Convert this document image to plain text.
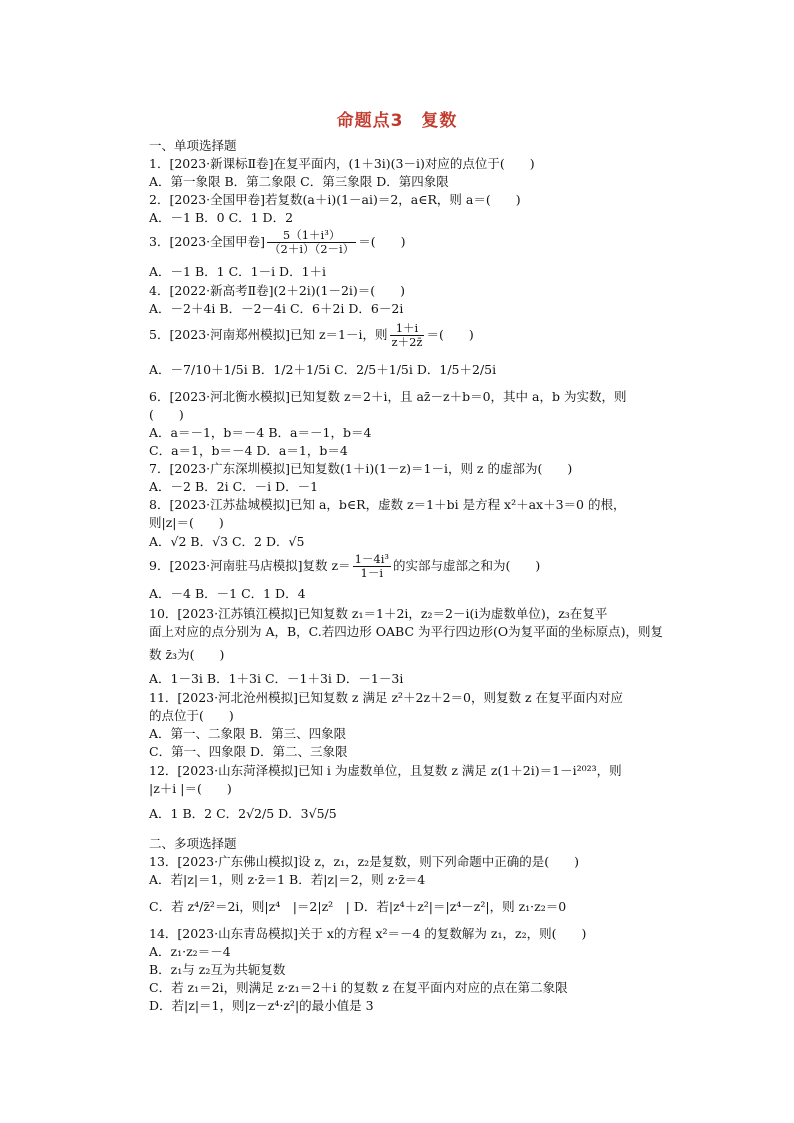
命题点3　复数
一、单项选择题
1．[2023·新课标Ⅱ卷]在复平面内，(1＋3i)(3－i)对应的点位于(　　)
A．第一象限 B．第二象限 C．第三象限 D．第四象限
2．[2023·全国甲卷]若复数(a＋i)(1－ai)＝2，a∈R，则 a＝(　　)
A．－1 B．0 C．1 D．2
3．[2023·全国甲卷] $\frac{\text{5（1＋i³）}}{(2+i)(2-i)}$ ＝(　　)
A．－1 B．1 C．1－i D．1＋i
4．[2022·新高考Ⅱ卷](2＋2i)(1－2i)＝(　　)
A．－2＋4i B．－2－4i C．6＋2i D．6－2i
5．[2023·河南郑州模拟]已知 z＝1－i，则 $\frac{1+i}{z+2z̄}$ ＝(　　)
A．－7/10＋1/5i B．1/2＋1/5i C．2/5＋1/5i D．1/5＋2/5i
6．[2023·河北衡水模拟]已知复数 z＝2＋i，且 az̄－z＋b＝0，其中 a，b 为实数，则
(　　)
A．a＝－1，b＝－4 B．a＝－1，b＝4
C．a＝1，b＝－4 D．a＝1，b＝4
7．[2023·广东深圳模拟]已知复数(1＋i)(1－z)＝1－i，则 z 的虚部为(　　)
A．－2 B．2i C．－i D．－1
8．[2023·江苏盐城模拟]已知 a，b∈R，虚数 z＝1＋bi 是方程 x²＋ax＋3＝0 的根，
则|z|＝(　　)
A．√2 B．√3 C．2 D．√5
9．[2023·河南驻马店模拟]复数 $z= \frac{\text{1－4i³}}{1-i}$ 的实部与虚部之和为(　　)
A．－4 B．－1 C．1 D．4
10．[2023·江苏镇江模拟]已知复数 z₁＝1＋2i，z₂＝2－i(i为虚数单位)，z₃在复平
面上对应的点分别为 A，B，C.若四边形 OABC 为平行四边形(O为复平面的坐标原点)，则复
数 z̄₃为(　　)
A．1－3i B．1＋3i C．－1＋3i D．－1－3i
11．[2023·河北沧州模拟]已知复数 z 满足 z²＋2z＋2＝0，则复数 z 在复平面内对应
的点位于(　　)
A．第一、二象限 B．第三、四象限
C．第一、四象限 D．第二、三象限
12．[2023·山东菏泽模拟]已知 i 为虚数单位，且复数 z 满足 z(1＋2i)＝1－i²⁰²³，则
|z＋i |＝(　　)
A．1 B．2 C．2√2/5 D．3√5/5
二、多项选择题
13．[2023·广东佛山模拟]设 z，z₁，z₂是复数，则下列命题中正确的是(　　)
A．若|z|＝1，则 z·z̄＝1 B．若|z|＝2，则 z·z̄＝4
C．若 z⁴/z̄²＝2i，则|z⁴　|＝2|z²　| D．若|z⁴＋z²|＝|z⁴－z²|，则 z₁·z₂＝0
14．[2023·山东青岛模拟]关于 x的方程 x²＝－4 的复数解为 z₁，z₂，则(　　)
A．z₁·z₂＝－4
B．z₁与 z₂互为共轭复数
C．若 z₁＝2i，则满足 z·z₁＝2＋i 的复数 z 在复平面内对应的点在第二象限
D．若|z|＝1，则|z－z⁴·z²|的最小值是 3
